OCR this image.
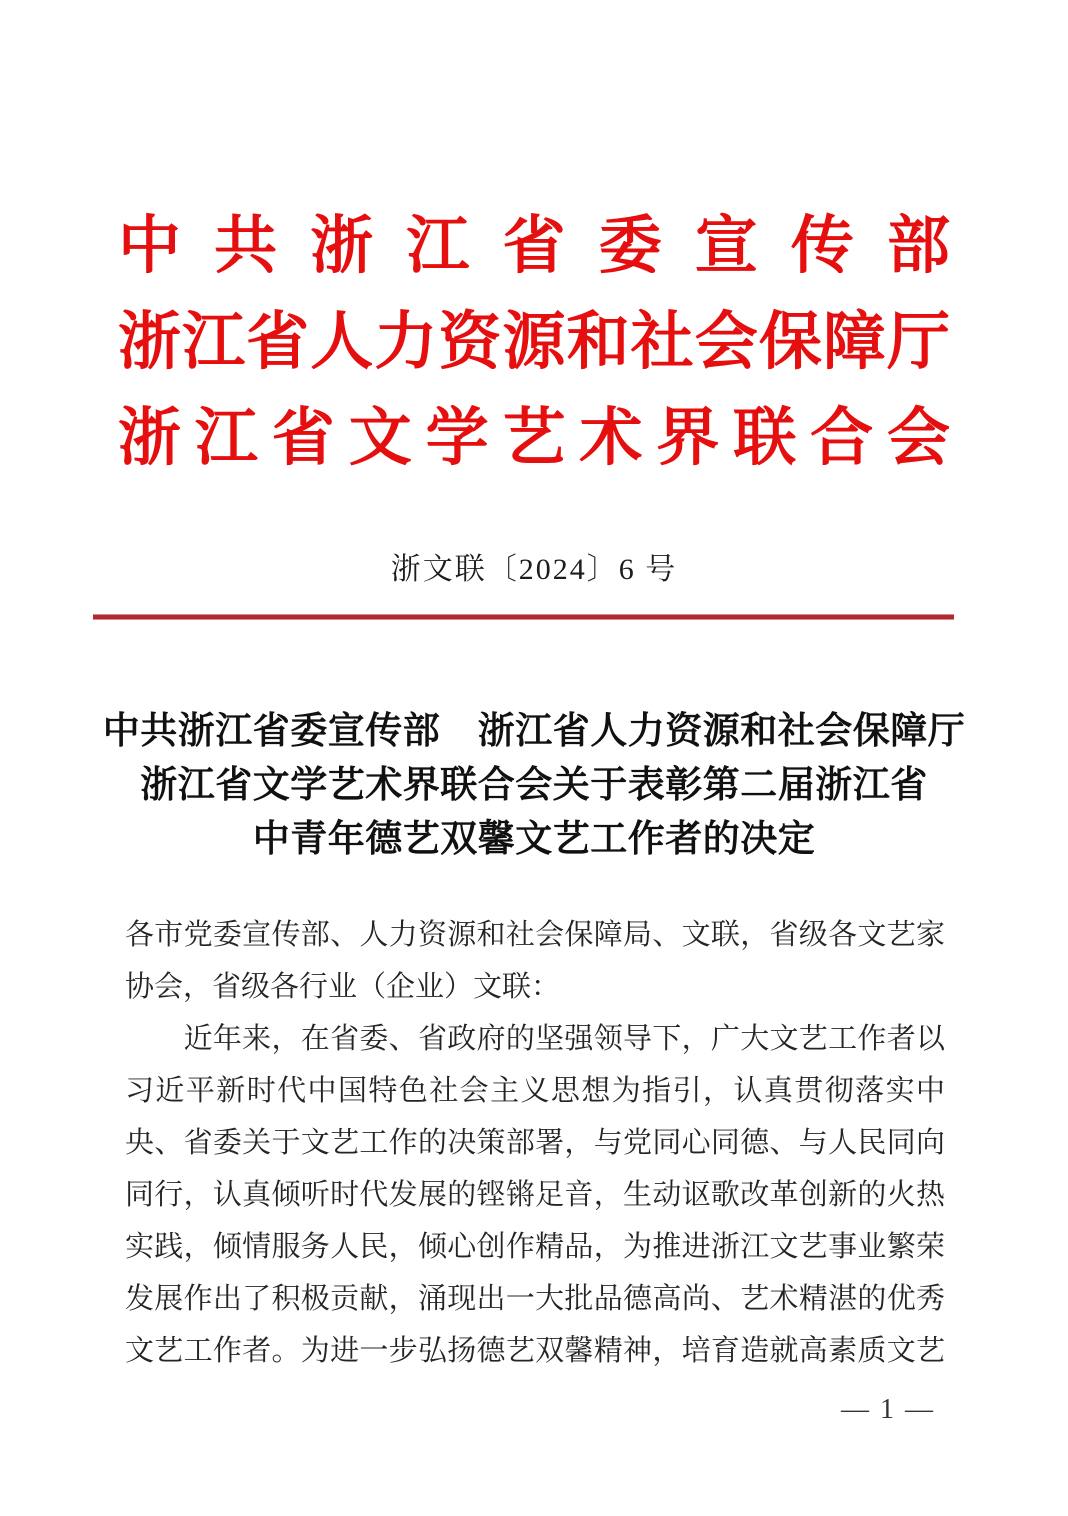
中共浙江省委宣传部
浙江省人力资源和社会保障厅
浙江省文学艺术界联合会
浙文联〔2024〕6 号
中共浙江省委宣传部　浙江省人力资源和社会保障厅
浙江省文学艺术界联合会关于表彰第二届浙江省
中青年德艺双馨文艺工作者的决定
各市党委宣传部、人力资源和社会保障局、文联，省级各文艺家
协会，省级各行业（企业）文联：
　　近年来，在省委、省政府的坚强领导下，广大文艺工作者以
习近平新时代中国特色社会主义思想为指引，认真贯彻落实中
央、省委关于文艺工作的决策部署，与党同心同德、与人民同向
同行，认真倾听时代发展的铿锵足音，生动讴歌改革创新的火热
实践，倾情服务人民，倾心创作精品，为推进浙江文艺事业繁荣
发展作出了积极贡献，涌现出一大批品德高尚、艺术精湛的优秀
文艺工作者。为进一步弘扬德艺双馨精神，培育造就高素质文艺
— 1 —
